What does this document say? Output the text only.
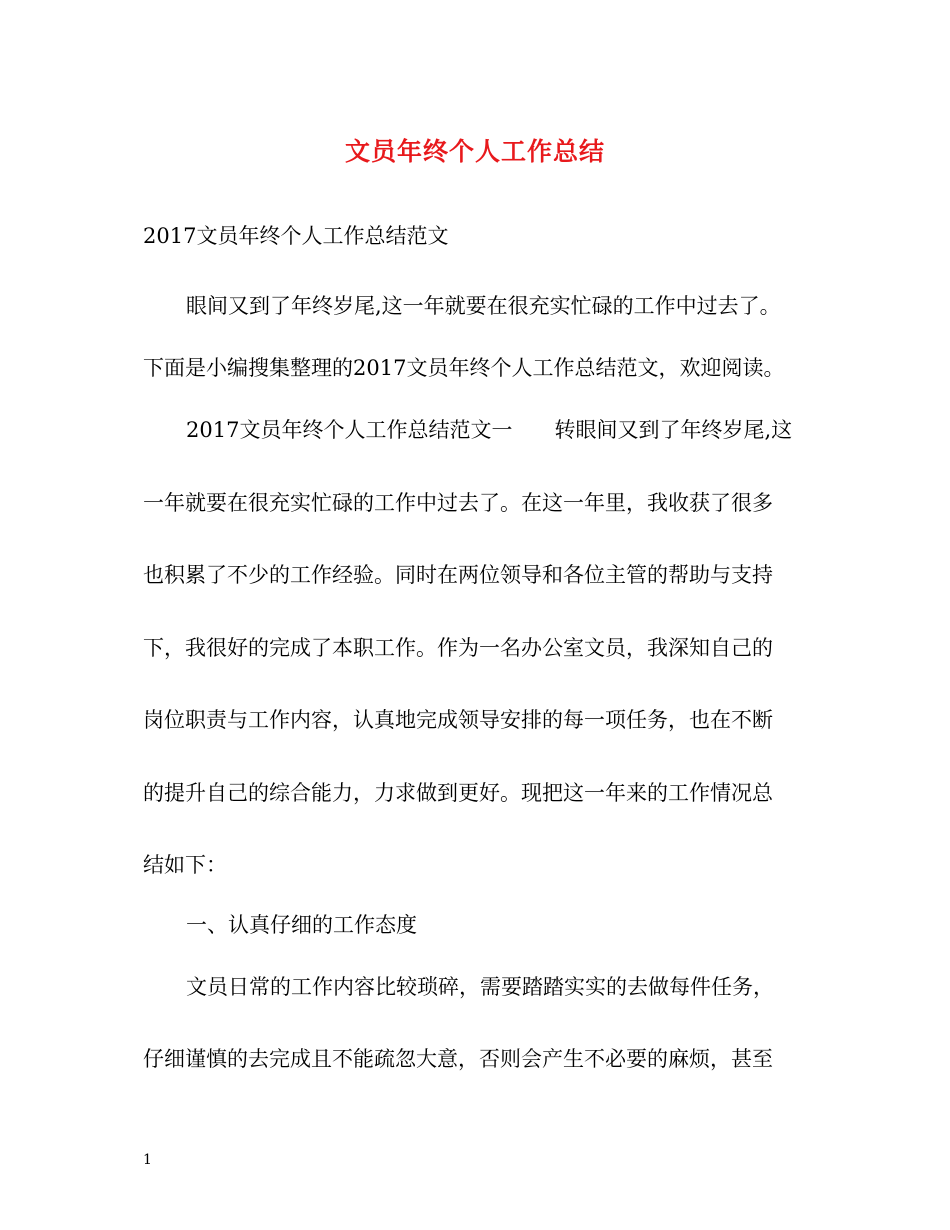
文员年终个人工作总结
2017文员年终个人工作总结范文
眼间又到了年终岁尾,这一年就要在很充实忙碌的工作中过去了。
下面是小编搜集整理的2017文员年终个人工作总结范文，欢迎阅读。
2017文员年终个人工作总结范文一　　转眼间又到了年终岁尾,这
一年就要在很充实忙碌的工作中过去了。在这一年里，我收获了很多
也积累了不少的工作经验。同时在两位领导和各位主管的帮助与支持
下，我很好的完成了本职工作。作为一名办公室文员，我深知自己的
岗位职责与工作内容，认真地完成领导安排的每一项任务，也在不断
的提升自己的综合能力，力求做到更好。现把这一年来的工作情况总
结如下：
一、认真仔细的工作态度
文员日常的工作内容比较琐碎，需要踏踏实实的去做每件任务，
仔细谨慎的去完成且不能疏忽大意，否则会产生不必要的麻烦，甚至
1
